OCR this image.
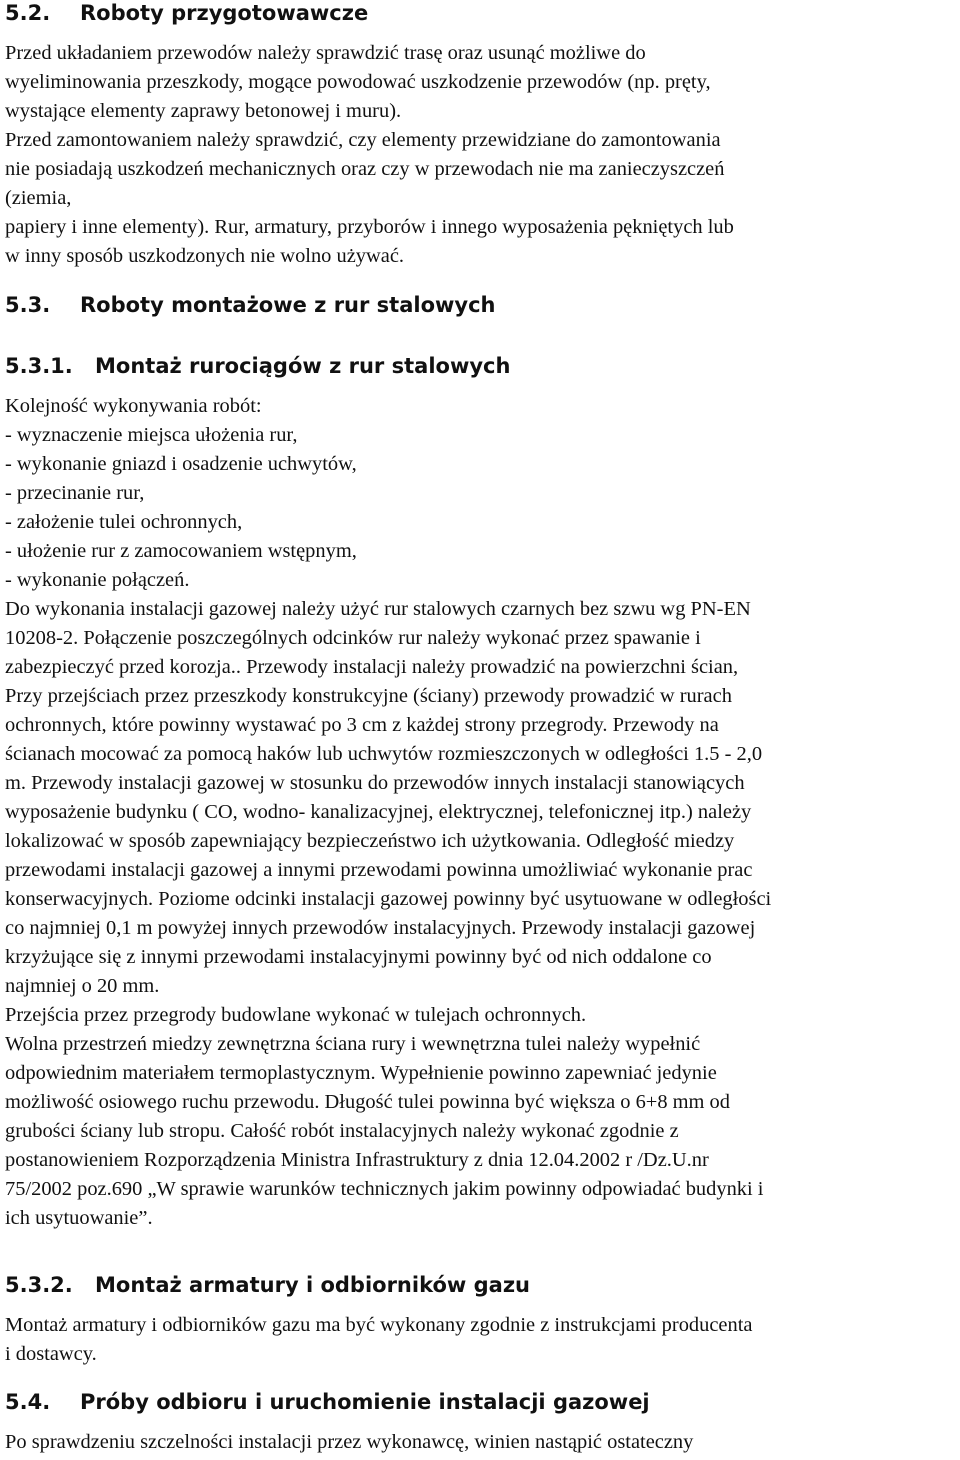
5.2. Roboty przygotowawcze
Przed układaniem przewodów należy sprawdzić trasę oraz usunąć możliwe do
wyeliminowania przeszkody, mogące powodować uszkodzenie przewodów (np. pręty,
wystające elementy zaprawy betonowej i muru).
Przed zamontowaniem należy sprawdzić, czy elementy przewidziane do zamontowania
nie posiadają uszkodzeń mechanicznych oraz czy w przewodach nie ma zanieczyszczeń
(ziemia,
papiery i inne elementy). Rur, armatury, przyborów i innego wyposażenia pękniętych lub
w inny sposób uszkodzonych nie wolno używać.
5.3. Roboty montażowe z rur stalowych
5.3.1. Montaż rurociągów z rur stalowych
Kolejność wykonywania robót:
- wyznaczenie miejsca ułożenia rur,
- wykonanie gniazd i osadzenie uchwytów,
- przecinanie rur,
- założenie tulei ochronnych,
- ułożenie rur z zamocowaniem wstępnym,
- wykonanie połączeń.
Do wykonania instalacji gazowej należy użyć rur stalowych czarnych bez szwu wg PN-EN
10208-2. Połączenie poszczególnych odcinków rur należy wykonać przez spawanie i
zabezpieczyć przed korozja.. Przewody instalacji należy prowadzić na powierzchni ścian,
Przy przejściach przez przeszkody konstrukcyjne (ściany) przewody prowadzić w rurach
ochronnych, które powinny wystawać po 3 cm z każdej strony przegrody. Przewody na
ścianach mocować za pomocą haków lub uchwytów rozmieszczonych w odległości 1.5 - 2,0
m. Przewody instalacji gazowej w stosunku do przewodów innych instalacji stanowiących
wyposażenie budynku ( CO, wodno- kanalizacyjnej, elektrycznej, telefonicznej itp.) należy
lokalizować w sposób zapewniający bezpieczeństwo ich użytkowania. Odległość miedzy
przewodami instalacji gazowej a innymi przewodami powinna umożliwiać wykonanie prac
konserwacyjnych. Poziome odcinki instalacji gazowej powinny być usytuowane w odległości
co najmniej 0,1 m powyżej innych przewodów instalacyjnych. Przewody instalacji gazowej
krzyżujące się z innymi przewodami instalacyjnymi powinny być od nich oddalone co
najmniej o 20 mm.
Przejścia przez przegrody budowlane wykonać w tulejach ochronnych.
Wolna przestrzeń miedzy zewnętrzna ściana rury i wewnętrzna tulei należy wypełnić
odpowiednim materiałem termoplastycznym. Wypełnienie powinno zapewniać jedynie
możliwość osiowego ruchu przewodu. Długość tulei powinna być większa o 6+8 mm od
grubości ściany lub stropu. Całość robót instalacyjnych należy wykonać zgodnie z
postanowieniem Rozporządzenia Ministra Infrastruktury z dnia 12.04.2002 r /Dz.U.nr
75/2002 poz.690 „W sprawie warunków technicznych jakim powinny odpowiadać budynki i
ich usytuowanie”.
5.3.2. Montaż armatury i odbiorników gazu
Montaż armatury i odbiorników gazu ma być wykonany zgodnie z instrukcjami producenta
i dostawcy.
5.4. Próby odbioru i uruchomienie instalacji gazowej
Po sprawdzeniu szczelności instalacji przez wykonawcę, winien nastąpić ostateczny
